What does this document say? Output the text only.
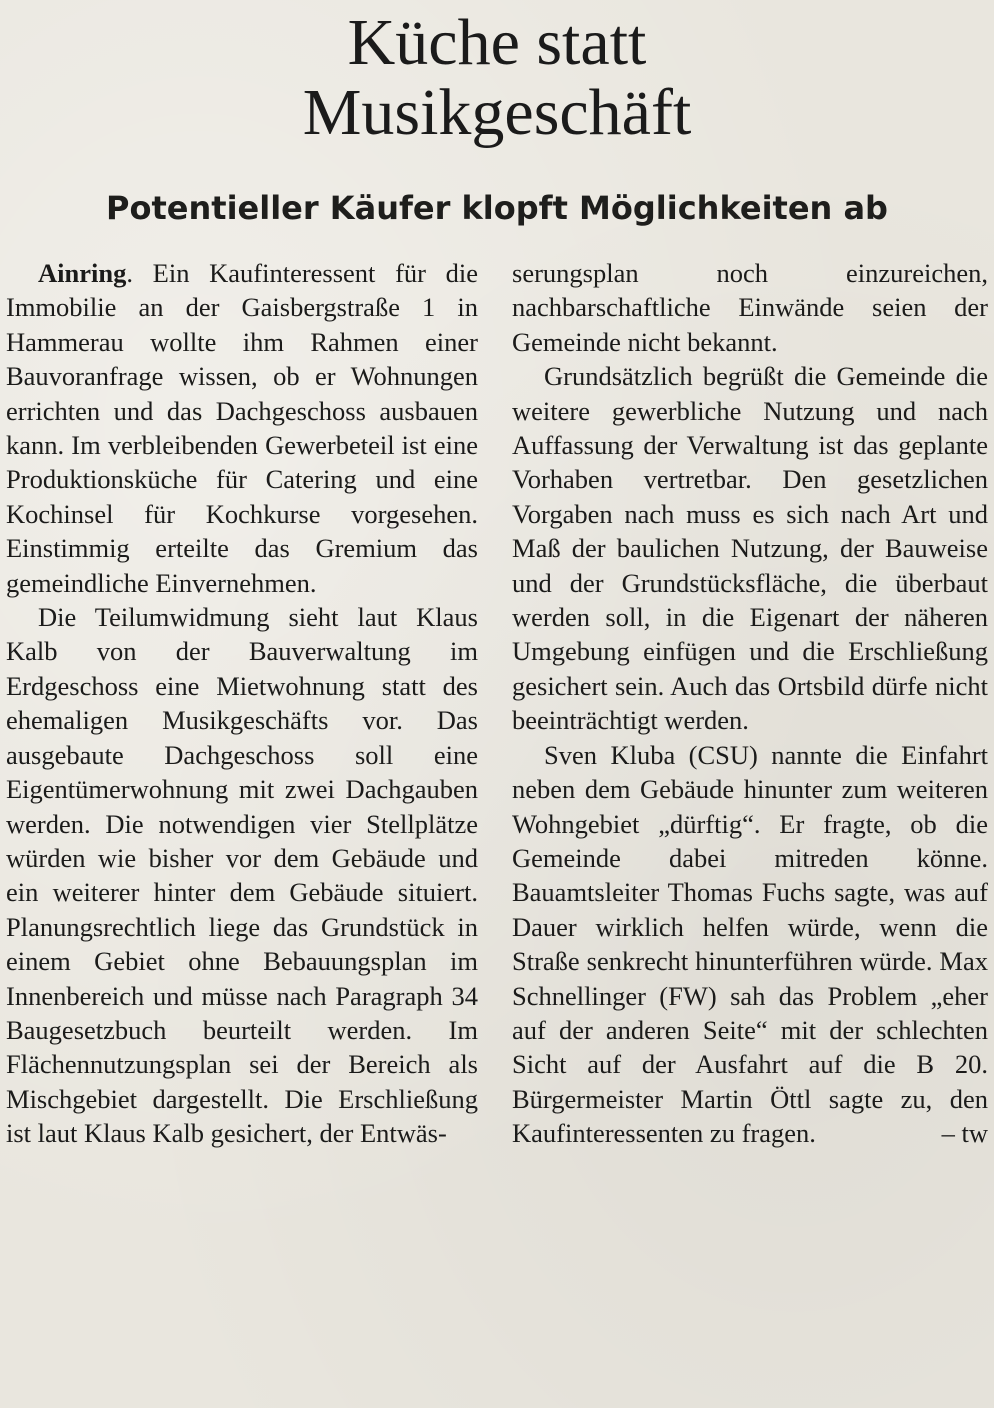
Küche statt
Musikgeschäft
Potentieller Käufer klopft Möglichkeiten ab

Ainring. Ein Kaufinteressent für die Immobilie an der Gaisbergstraße 1 in Hammerau wollte ihm Rahmen einer Bauvoranfrage wissen, ob er Wohnungen errichten und das Dachgeschoss ausbauen kann. Im verbleibenden Gewerbeteil ist eine Produktionsküche für Catering und eine Kochinsel für Kochkurse vorgesehen. Einstimmig erteilte das Gremium das gemeindliche Einvernehmen.

Die Teilumwidmung sieht laut Klaus Kalb von der Bauverwaltung im Erdgeschoss eine Mietwohnung statt des ehemaligen Musikgeschäfts vor. Das ausgebaute Dachgeschoss soll eine Eigentümerwohnung mit zwei Dachgauben werden. Die notwendigen vier Stellplätze würden wie bisher vor dem Gebäude und ein weiterer hinter dem Gebäude situiert. Planungsrechtlich liege das Grundstück in einem Gebiet ohne Bebauungsplan im Innenbereich und müsse nach Paragraph 34 Baugesetzbuch beurteilt werden. Im Flächennutzungsplan sei der Bereich als Mischgebiet dargestellt. Die Erschließung ist laut Klaus Kalb gesichert, der Entwäs-

serungsplan noch einzureichen, nachbarschaftliche Einwände seien der Gemeinde nicht bekannt.

Grundsätzlich begrüßt die Gemeinde die weitere gewerbliche Nutzung und nach Auffassung der Verwaltung ist das geplante Vorhaben vertretbar. Den gesetzlichen Vorgaben nach muss es sich nach Art und Maß der baulichen Nutzung, der Bauweise und der Grundstücksfläche, die überbaut werden soll, in die Eigenart der näheren Umgebung einfügen und die Erschließung gesichert sein. Auch das Ortsbild dürfe nicht beeinträchtigt werden.

Sven Kluba (CSU) nannte die Einfahrt neben dem Gebäude hinunter zum weiteren Wohngebiet „dürftig“. Er fragte, ob die Gemeinde dabei mitreden könne. Bauamtsleiter Thomas Fuchs sagte, was auf Dauer wirklich helfen würde, wenn die Straße senkrecht hinunterführen würde. Max Schnellinger (FW) sah das Problem „eher auf der anderen Seite“ mit der schlechten Sicht auf der Ausfahrt auf die B 20. Bürgermeister Martin Öttl sagte zu, den Kaufinteressenten zu fragen.	– tw
